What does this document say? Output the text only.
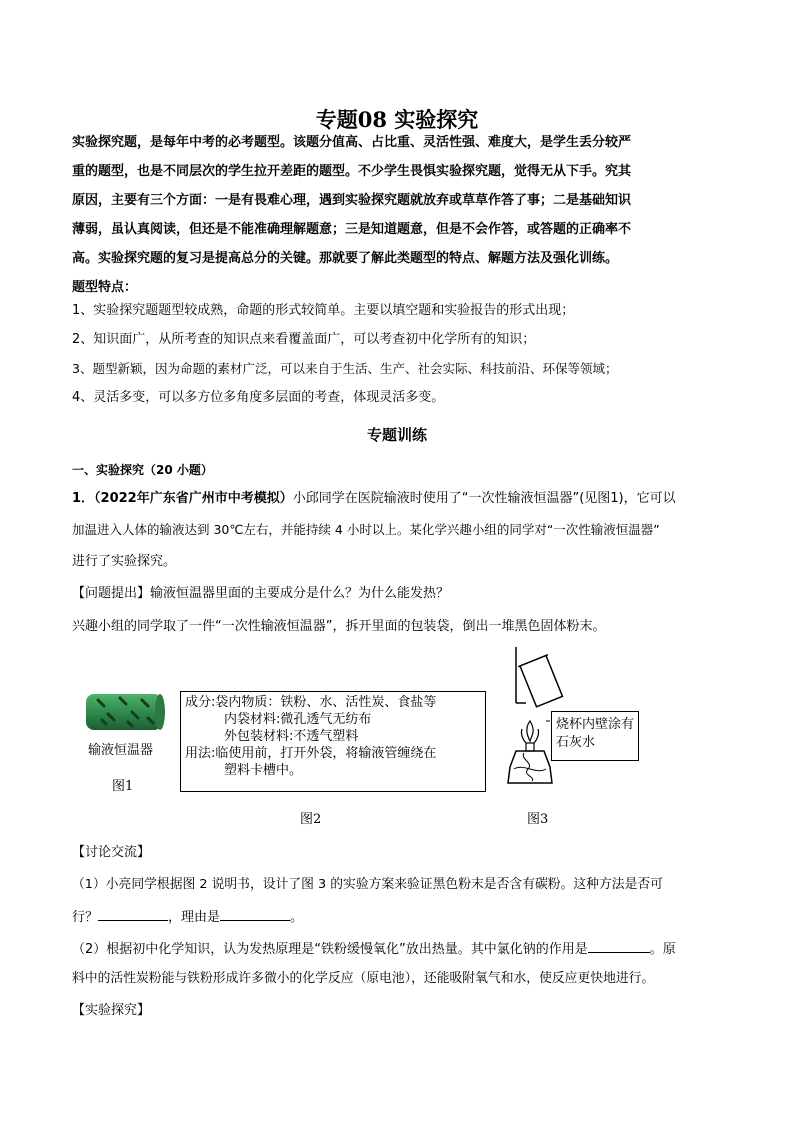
专题08 实验探究
实验探究题，是每年中考的必考题型。该题分值高、占比重、灵活性强、难度大，是学生丢分较严
重的题型，也是不同层次的学生拉开差距的题型。不少学生畏惧实验探究题，觉得无从下手。究其
原因，主要有三个方面：一是有畏难心理，遇到实验探究题就放弃或草草作答了事；二是基础知识
薄弱，虽认真阅读，但还是不能准确理解题意；三是知道题意，但是不会作答，或答题的正确率不
高。实验探究题的复习是提高总分的关键。那就要了解此类题型的特点、解题方法及强化训练。
题型特点：
1、实验探究题题型较成熟，命题的形式较简单。主要以填空题和实验报告的形式出现；
2、知识面广，从所考查的知识点来看覆盖面广，可以考查初中化学所有的知识；
3、题型新颖，因为命题的素材广泛，可以来自于生活、生产、社会实际、科技前沿、环保等领域；
4、灵活多变，可以多方位多角度多层面的考查，体现灵活多变。
专题训练
一、实验探究（20 小题）
1．（2022年广东省广州市中考模拟）小邱同学在医院输液时使用了“一次性输液恒温器”(见图1)，它可以
加温进入人体的输液达到 30℃左右，并能持续 4 小时以上。某化学兴趣小组的同学对“一次性输液恒温器”
进行了实验探究。
【问题提出】输液恒温器里面的主要成分是什么？为什么能发热？
兴趣小组的同学取了一件“一次性输液恒温器”，拆开里面的包装袋，倒出一堆黑色固体粉末。
输液恒温器
图1
成分:袋内物质：铁粉、水、活性炭、食盐等
内袋材料:微孔透气无纺布
外包装材料:不透气塑料
用法:临使用前，打开外袋，将输液管缠绕在
塑料卡槽中。
图2
烧杯内壁涂有石灰水
图3
【讨论交流】
（1）小亮同学根据图 2 说明书，设计了图 3 的实验方案来验证黑色粉末是否含有碳粉。这种方法是否可
行？	，理由是	。
（2）根据初中化学知识，认为发热原理是“铁粉缓慢氧化”放出热量。其中氯化钠的作用是	。原
料中的活性炭粉能与铁粉形成许多微小的化学反应（原电池），还能吸附氧气和水，使反应更快地进行。
【实验探究】
